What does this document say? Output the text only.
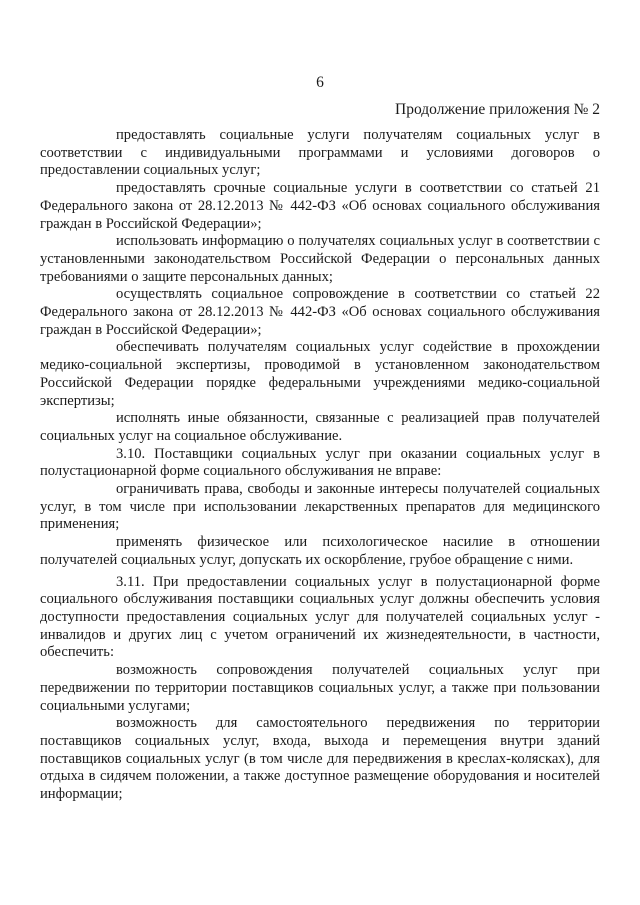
6
Продолжение приложения № 2

предоставлять социальные услуги получателям социальных услуг в соответствии с индивидуальными программами и условиями договоров о предоставлении социальных услуг;

предоставлять срочные социальные услуги в соответствии со статьей 21 Федерального закона от 28.12.2013 № 442-ФЗ «Об основах социального обслуживания граждан в Российской Федерации»;

использовать информацию о получателях социальных услуг в соответствии с установленными законодательством Российской Федерации о персональных данных требованиями о защите персональных данных;

осуществлять социальное сопровождение в соответствии со статьей 22 Федерального закона от 28.12.2013 № 442-ФЗ «Об основах социального обслуживания граждан в Российской Федерации»;

обеспечивать получателям социальных услуг содействие в прохождении медико-социальной экспертизы, проводимой в установленном законодательством Российской Федерации порядке федеральными учреждениями медико-социальной экспертизы;

исполнять иные обязанности, связанные с реализацией прав получателей социальных услуг на социальное обслуживание.

3.10. Поставщики социальных услуг при оказании социальных услуг в полустационарной форме социального обслуживания не вправе:

ограничивать права, свободы и законные интересы получателей социальных услуг, в том числе при использовании лекарственных препаратов для медицинского применения;

применять физическое или психологическое насилие в отношении получателей социальных услуг, допускать их оскорбление, грубое обращение с ними.

3.11. При предоставлении социальных услуг в полустационарной форме социального обслуживания поставщики социальных услуг должны обеспечить условия доступности предоставления социальных услуг для получателей социальных услуг - инвалидов и других лиц с учетом ограничений их жизнедеятельности, в частности, обеспечить:

возможность сопровождения получателей социальных услуг при передвижении по территории поставщиков социальных услуг, а также при пользовании социальными услугами;

возможность для самостоятельного передвижения по территории поставщиков социальных услуг, входа, выхода и перемещения внутри зданий поставщиков социальных услуг (в том числе для передвижения в креслах-колясках), для отдыха в сидячем положении, а также доступное размещение оборудования и носителей информации;
